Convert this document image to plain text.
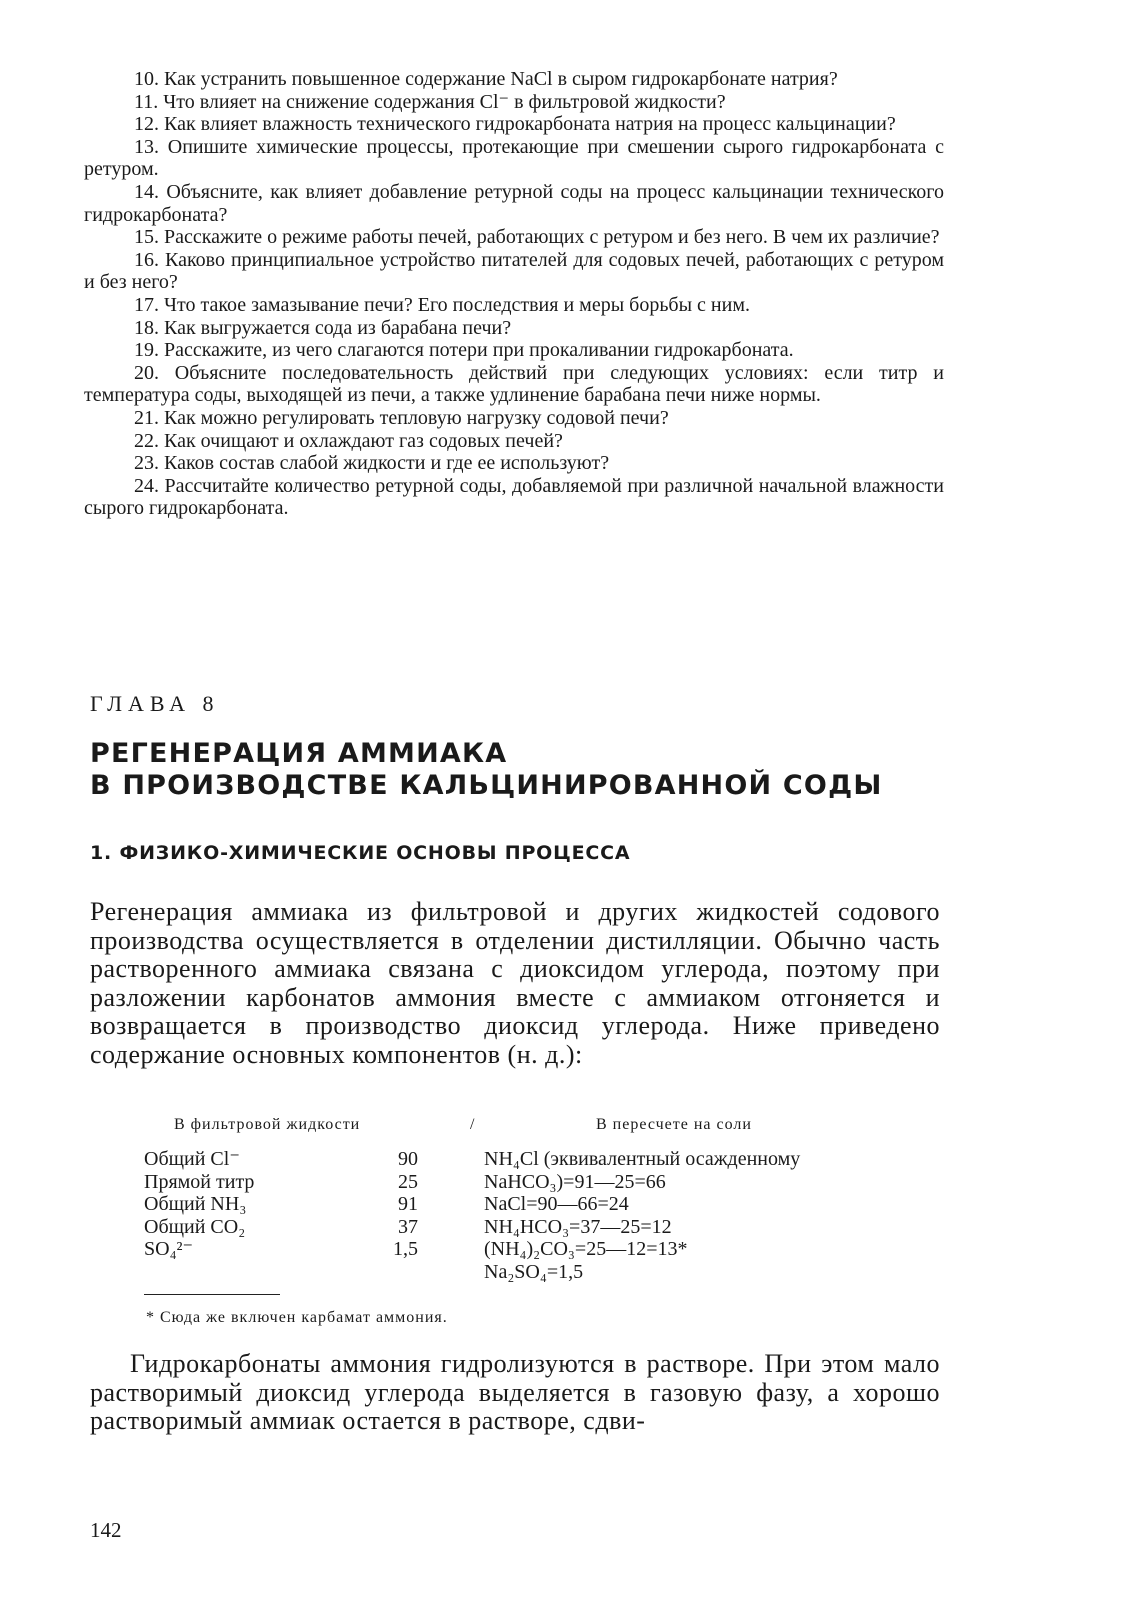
10. Как устранить повышенное содержание NaCl в сыром гидрокарбонате натрия?

11. Что влияет на снижение содержания Cl⁻ в фильтровой жидкости?

12. Как влияет влажность технического гидрокарбоната натрия на процесс кальцинации?

13. Опишите химические процессы, протекающие при смешении сырого гидрокарбоната с ретуром.

14. Объясните, как влияет добавление ретурной соды на процесс кальцинации технического гидрокарбоната?

15. Расскажите о режиме работы печей, работающих с ретуром и без него. В чем их различие?

16. Каково принципиальное устройство питателей для содовых печей, работающих с ретуром и без него?

17. Что такое замазывание печи? Его последствия и меры борьбы с ним.

18. Как выгружается сода из барабана печи?

19. Расскажите, из чего слагаются потери при прокаливании гидрокарбоната.

20. Объясните последовательность действий при следующих условиях: если титр и температура соды, выходящей из печи, а также удлинение барабана печи ниже нормы.

21. Как можно регулировать тепловую нагрузку содовой печи?

22. Как очищают и охлаждают газ содовых печей?

23. Каков состав слабой жидкости и где ее используют?

24. Рассчитайте количество ретурной соды, добавляемой при различной начальной влажности сырого гидрокарбоната.

ГЛАВА 8
РЕГЕНЕРАЦИЯ АММИАКА
В ПРОИЗВОДСТВЕ КАЛЬЦИНИРОВАННОЙ СОДЫ
1. ФИЗИКО-ХИМИЧЕСКИЕ ОСНОВЫ ПРОЦЕССА

Регенерация аммиака из фильтровой и других жидкостей содового производства осуществляется в отделении дистилляции. Обычно часть растворенного аммиака связана с диоксидом углерода, поэтому при разложении карбонатов аммония вместе с аммиаком отгоняется и возвращается в производство диоксид углерода. Ниже приведено содержание основных компонентов (н. д.):

В фильтровой жидкости	/	В пересчете на соли
Общий Cl⁻	90	NH₄Cl (эквивалентный осажденному
Прямой титр	25	NaHCO₃)=91—25=66
Общий NH₃	91	NaCl=90—66=24
Общий CO₂	37	NH₄HCO₃=37—25=12
SO₄²⁻	1,5	(NH₄)₂CO₃=25—12=13*
Na₂SO₄=1,5

* Сюда же включен карбамат аммония.

Гидрокарбонаты аммония гидролизуются в растворе. При этом мало растворимый диоксид углерода выделяется в газовую фазу, а хорошо растворимый аммиак остается в растворе, сдви-

142
